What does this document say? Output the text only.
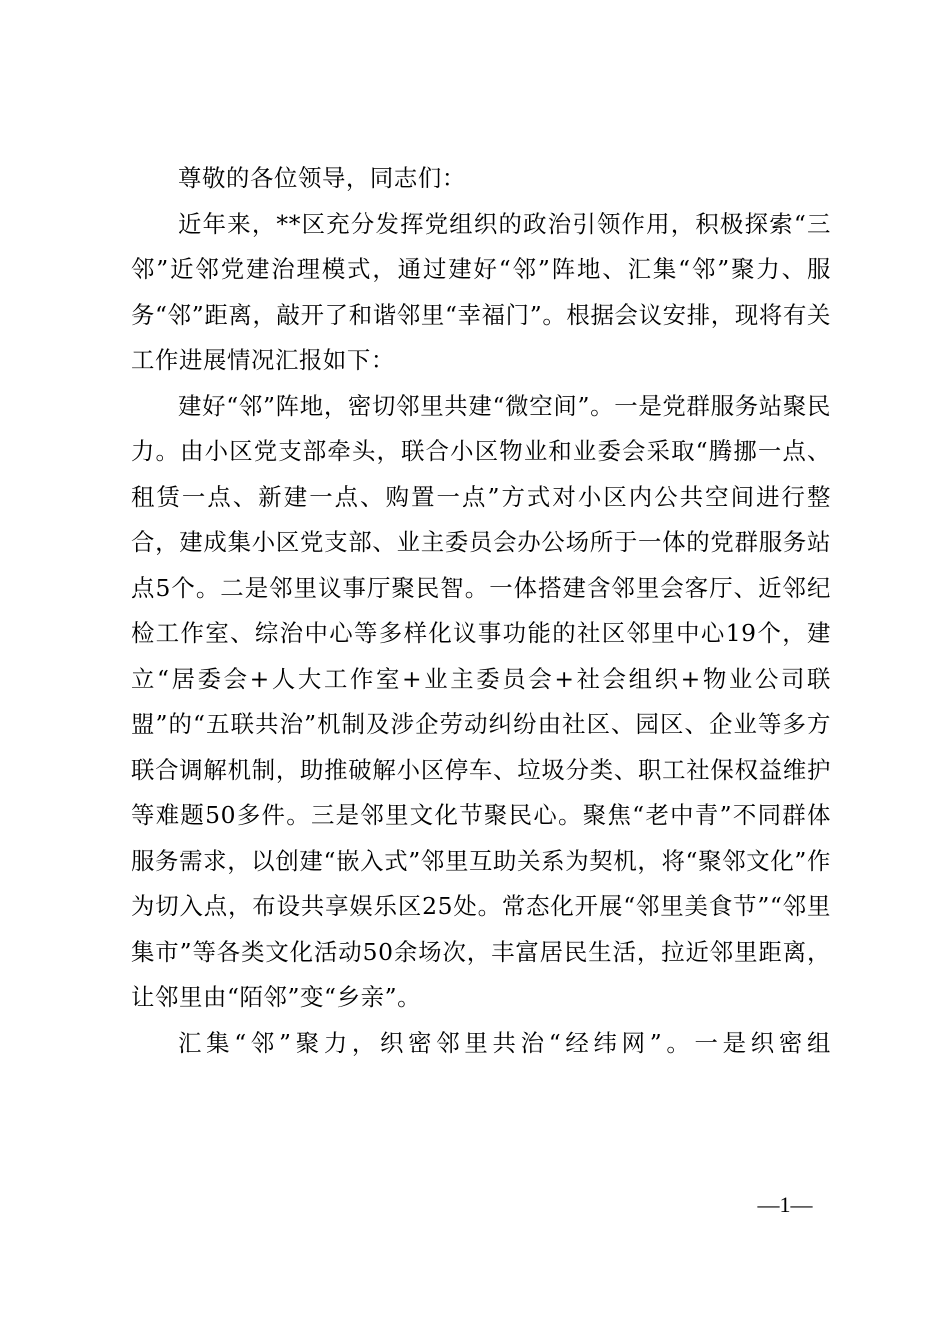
尊敬的各位领导，同志们：

近年来，**区充分发挥党组织的政治引领作用，积极探索“三邻”近邻党建治理模式，通过建好“邻”阵地、汇集“邻”聚力、服务“邻”距离，敲开了和谐邻里“幸福门”。根据会议安排，现将有关工作进展情况汇报如下：

建好“邻”阵地，密切邻里共建“微空间”。一是党群服务站聚民力。由小区党支部牵头，联合小区物业和业委会采取“腾挪一点、租赁一点、新建一点、购置一点”方式对小区内公共空间进行整合，建成集小区党支部、业主委员会办公场所于一体的党群服务站点5个。二是邻里议事厅聚民智。一体搭建含邻里会客厅、近邻纪检工作室、综治中心等多样化议事功能的社区邻里中心19个，建立“居委会+人大工作室+业主委员会+社会组织+物业公司联盟”的“五联共治”机制及涉企劳动纠纷由社区、园区、企业等多方联合调解机制，助推破解小区停车、垃圾分类、职工社保权益维护等难题50多件。三是邻里文化节聚民心。聚焦“老中青”不同群体服务需求，以创建“嵌入式”邻里互助关系为契机，将“聚邻文化”作为切入点，布设共享娱乐区25处。常态化开展“邻里美食节”“邻里集市”等各类文化活动50余场次，丰富居民生活，拉近邻里距离，让邻里由“陌邻”变“乡亲”。

汇集“邻”聚力，织密邻里共治“经纬网”。一是织密组

—1—
